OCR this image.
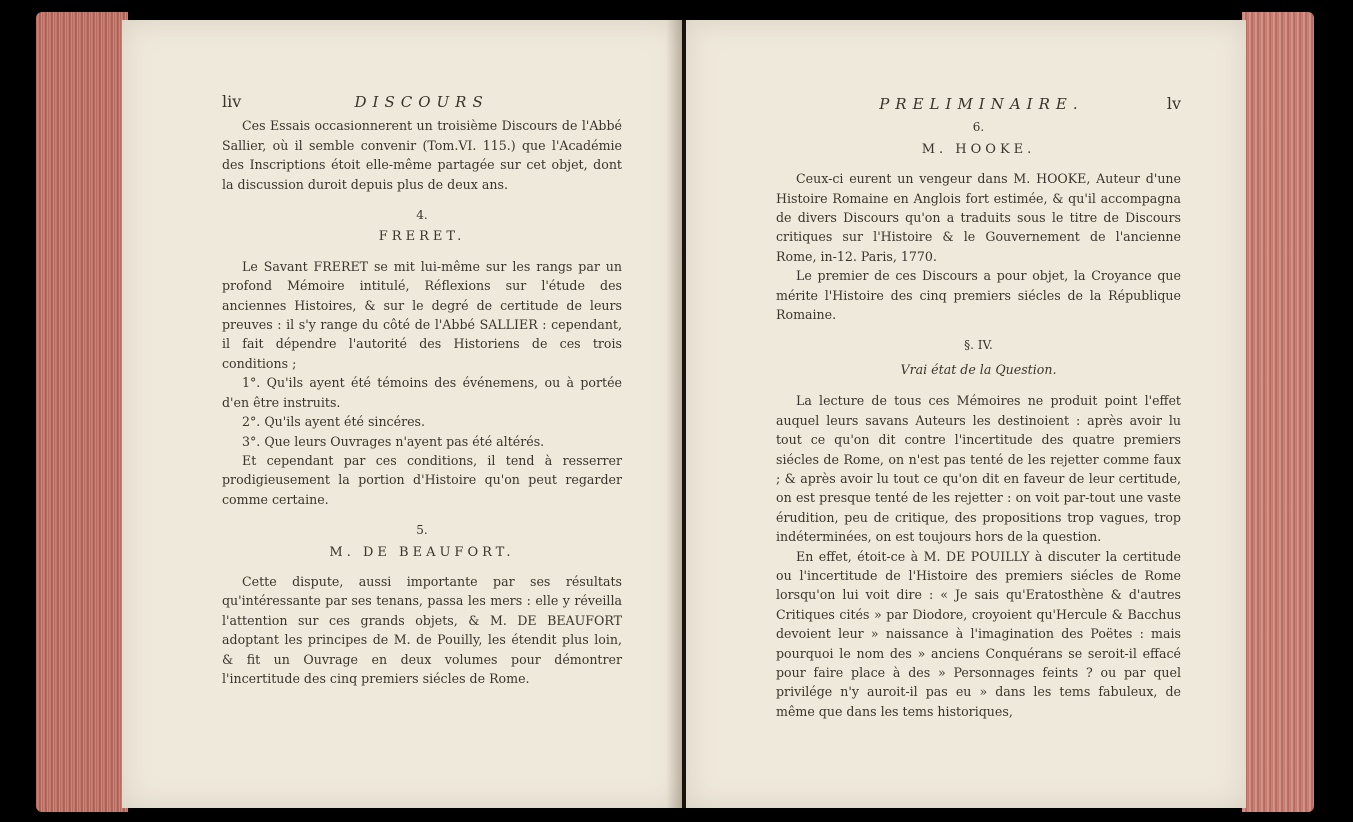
liv	DISCOURS

Ces Essais occasionnerent un troisième Discours de l'Abbé Sallier, où il semble convenir (Tom.VI. 115.) que l'Académie des Inscriptions étoit elle-même partagée sur cet objet, dont la discussion duroit depuis plus de deux ans.

4.
FRERET.

Le Savant FRERET se mit lui-même sur les rangs par un profond Mémoire intitulé, Réflexions sur l'étude des anciennes Histoires, & sur le degré de certitude de leurs preuves : il s'y range du côté de l'Abbé SALLIER : cependant, il fait dépendre l'autorité des Historiens de ces trois conditions ;

1°. Qu'ils ayent été témoins des événemens, ou à portée d'en être instruits.

2°. Qu'ils ayent été sincéres.

3°. Que leurs Ouvrages n'ayent pas été altérés.

Et cependant par ces conditions, il tend à resserrer prodigieusement la portion d'Histoire qu'on peut regarder comme certaine.

5.
M. DE BEAUFORT.

Cette dispute, aussi importante par ses résultats qu'intéressante par ses tenans, passa les mers : elle y réveilla l'attention sur ces grands objets, & M. DE BEAUFORT adoptant les principes de M. de Pouilly, les étendit plus loin, & fit un Ouvrage en deux volumes pour démontrer l'incertitude des cinq premiers siécles de Rome.

PRELIMINAIRE.	lv
6.
M. HOOKE.

Ceux-ci eurent un vengeur dans M. HOOKE, Auteur d'une Histoire Romaine en Anglois fort estimée, & qu'il accompagna de divers Discours qu'on a traduits sous le titre de Discours critiques sur l'Histoire & le Gouvernement de l'ancienne Rome, in-12. Paris, 1770.

Le premier de ces Discours a pour objet, la Croyance que mérite l'Histoire des cinq premiers siécles de la République Romaine.

§. IV.
Vrai état de la Question.

La lecture de tous ces Mémoires ne produit point l'effet auquel leurs savans Auteurs les destinoient : après avoir lu tout ce qu'on dit contre l'incertitude des quatre premiers siécles de Rome, on n'est pas tenté de les rejetter comme faux ; & après avoir lu tout ce qu'on dit en faveur de leur certitude, on est presque tenté de les rejetter : on voit par-tout une vaste érudition, peu de critique, des propositions trop vagues, trop indéterminées, on est toujours hors de la question.

En effet, étoit-ce à M. DE POUILLY à discuter la certitude ou l'incertitude de l'Histoire des premiers siécles de Rome lorsqu'on lui voit dire : « Je sais qu'Eratosthène & d'autres Critiques cités » par Diodore, croyoient qu'Hercule & Bacchus devoient leur » naissance à l'imagination des Poëtes : mais pourquoi le nom des » anciens Conquérans se seroit-il effacé pour faire place à des » Personnages feints ? ou par quel privilége n'y auroit-il pas eu » dans les tems fabuleux, de même que dans les tems historiques,
